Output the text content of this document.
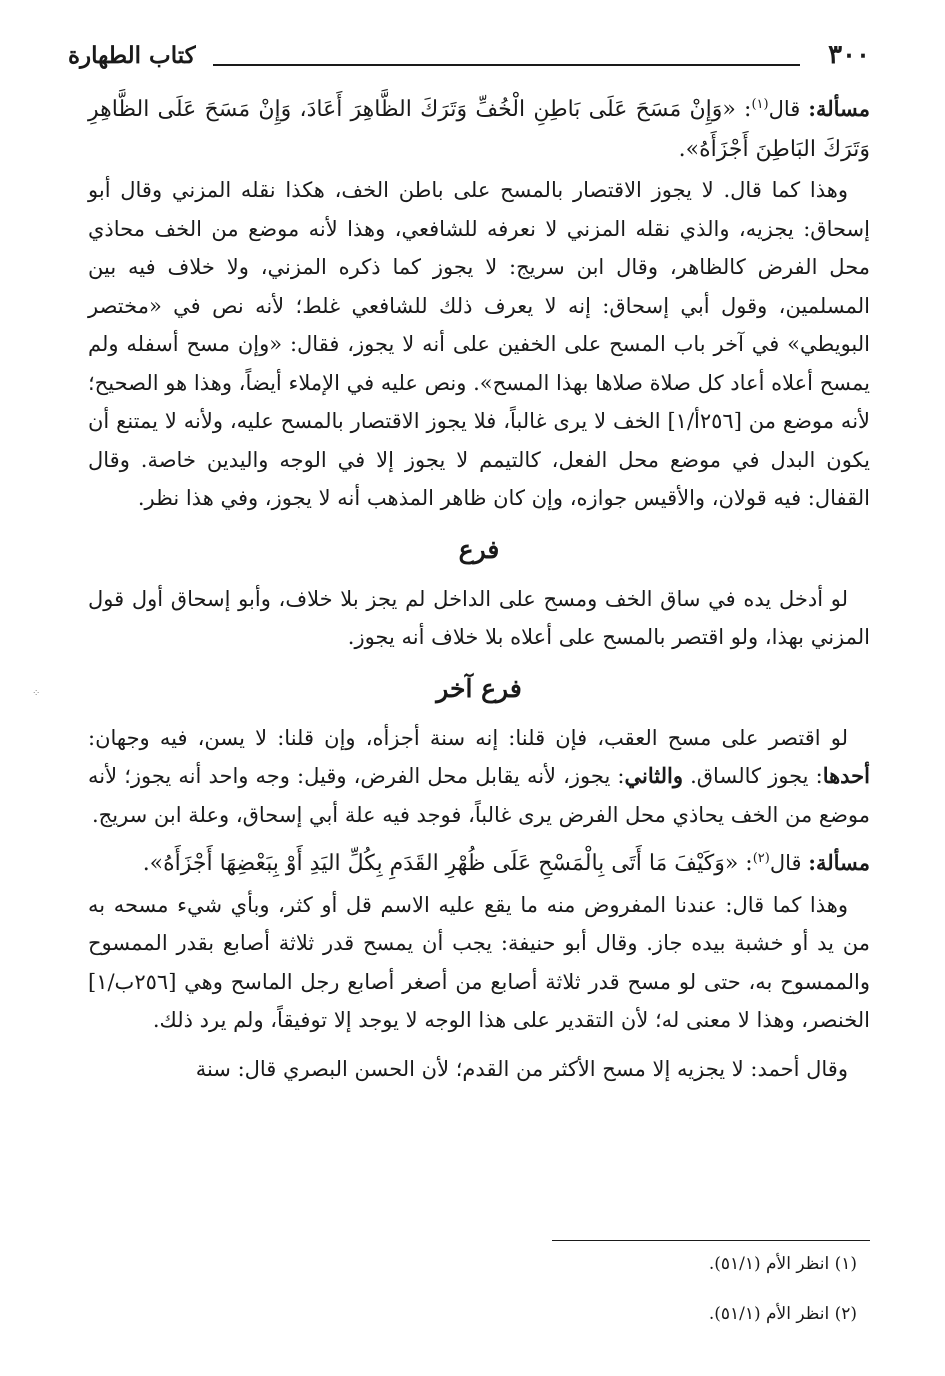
٣٠٠
كتاب الطهارة

مسألة: قال$^{(١)}$: «وَإِنْ مَسَحَ عَلَى بَاطِنِ الْخُفِّ وَتَرَكَ الظَّاهِرَ أَعَادَ، وَإِنْ مَسَحَ عَلَى الظَّاهِرِ وَتَرَكَ البَاطِنَ أَجْزَأَهُ».

وهذا كما قال. لا يجوز الاقتصار بالمسح على باطن الخف، هكذا نقله المزني وقال أبو إسحاق: يجزيه، والذي نقله المزني لا نعرفه للشافعي، وهذا لأنه موضع من الخف محاذي محل الفرض كالظاهر، وقال ابن سريج: لا يجوز كما ذكره المزني، ولا خلاف فيه بين المسلمين، وقول أبي إسحاق: إنه لا يعرف ذلك للشافعي غلط؛ لأنه نص في «مختصر البويطي» في آخر باب المسح على الخفين على أنه لا يجوز، فقال: «وإن مسح أسفله ولم يمسح أعلاه أعاد كل صلاة صلاها بهذا المسح». ونص عليه في الإملاء أيضاً، وهذا هو الصحيح؛ لأنه موضع من [٢٥٦أ/١] الخف لا يرى غالباً، فلا يجوز الاقتصار بالمسح عليه، ولأنه لا يمتنع أن يكون البدل في موضع محل الفعل، كالتيمم لا يجوز إلا في الوجه واليدين خاصة. وقال القفال: فيه قولان، والأقيس جوازه، وإن كان ظاهر المذهب أنه لا يجوز، وفي هذا نظر.

فرع

لو أدخل يده في ساق الخف ومسح على الداخل لم يجز بلا خلاف، وأبو إسحاق أول قول المزني بهذا، ولو اقتصر بالمسح على أعلاه بلا خلاف أنه يجوز.

فرع آخر

لو اقتصر على مسح العقب، فإن قلنا: إنه سنة أجزأه، وإن قلنا: لا يسن، فيه وجهان: أحدها: يجوز كالساق. والثاني: يجوز، لأنه يقابل محل الفرض، وقيل: وجه واحد أنه يجوز؛ لأنه موضع من الخف يحاذي محل الفرض يرى غالباً، فوجد فيه علة أبي إسحاق، وعلة ابن سريج.

مسألة: قال$^{(٢)}$: «وَكَيْفَ مَا أَتَى بِالْمَسْحِ عَلَى ظُهْرِ القَدَمِ بِكُلِّ اليَدِ أَوْ بِبَعْضِهَا أَجْزَأَهُ».

وهذا كما قال: عندنا المفروض منه ما يقع عليه الاسم قل أو كثر، وبأي شيء مسحه به من يد أو خشبة بيده جاز. وقال أبو حنيفة: يجب أن يمسح قدر ثلاثة أصابع بقدر الممسوح والممسوح به، حتى لو مسح قدر ثلاثة أصابع من أصغر أصابع رجل الماسح وهي [٢٥٦ب/١] الخنصر، وهذا لا معنى له؛ لأن التقدير على هذا الوجه لا يوجد إلا توفيقاً، ولم يرد ذلك.

وقال أحمد: لا يجزيه إلا مسح الأكثر من القدم؛ لأن الحسن البصري قال: سنة

(١) انظر الأم (٥١/١).
(٢) انظر الأم (٥١/١).
⁘
